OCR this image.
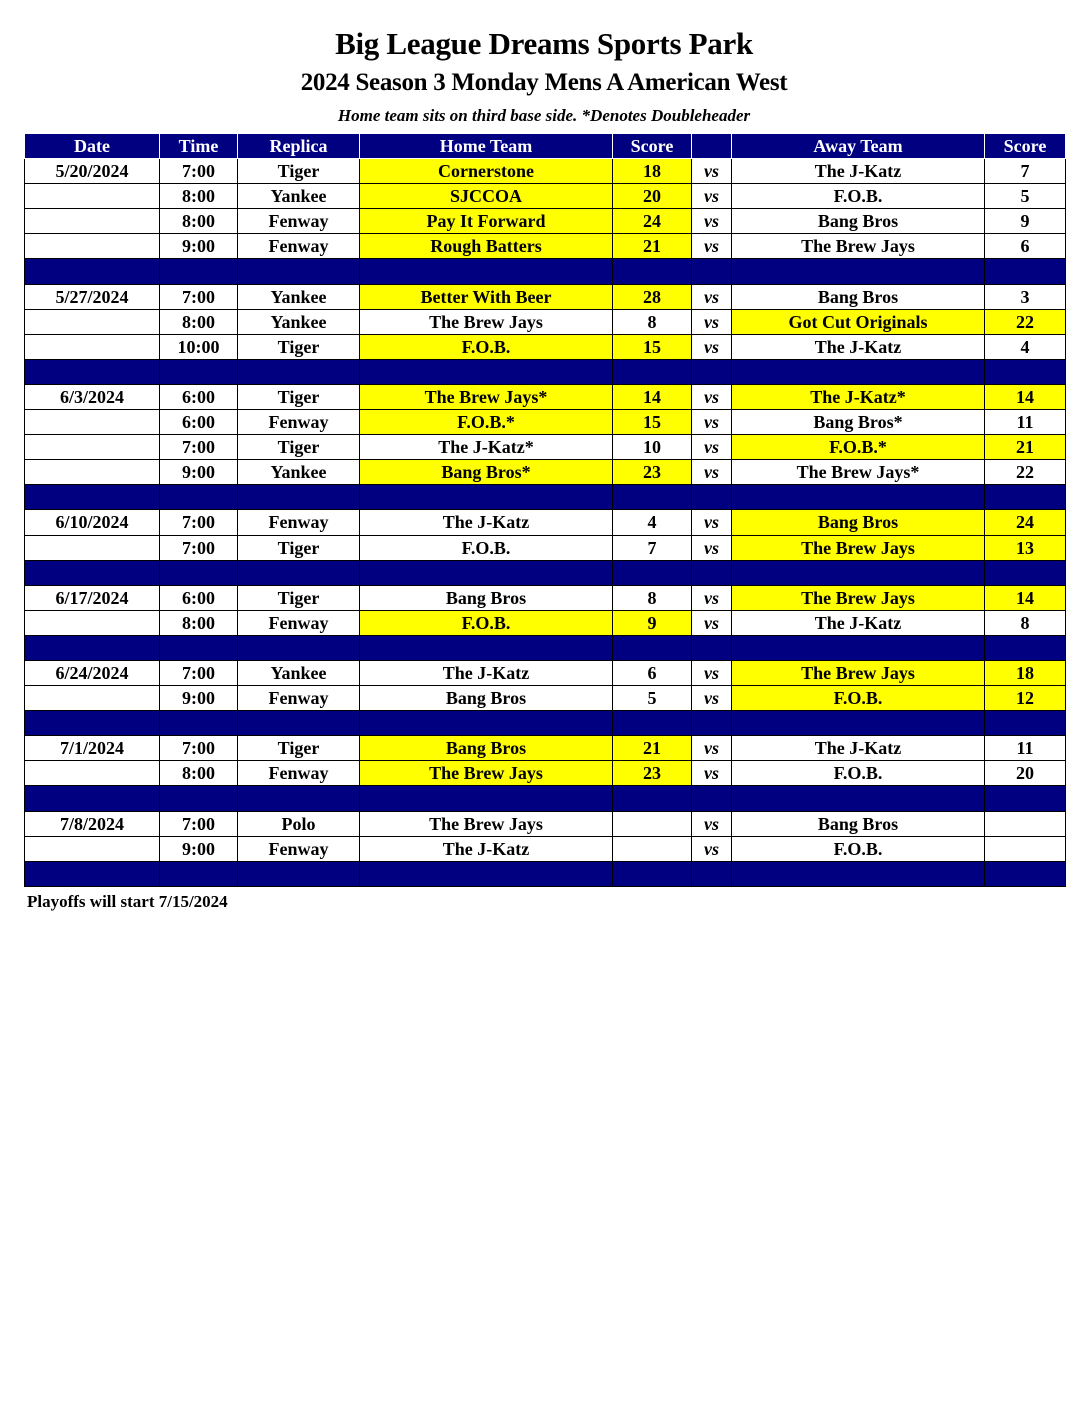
Big League Dreams Sports Park
2024 Season 3 Monday Mens A American West

Home team sits on third base side. *Denotes Doubleheader

Date	Time	Replica	Home Team	Score		Away Team	Score
5/20/2024	7:00	Tiger	Cornerstone	18	vs	The J-Katz	7
	8:00	Yankee	SJCCOA	20	vs	F.O.B.	5
	8:00	Fenway	Pay It Forward	24	vs	Bang Bros	9
	9:00	Fenway	Rough Batters	21	vs	The Brew Jays	6

5/27/2024	7:00	Yankee	Better With Beer	28	vs	Bang Bros	3
	8:00	Yankee	The Brew Jays	8	vs	Got Cut Originals	22
	10:00	Tiger	F.O.B.	15	vs	The J-Katz	4

6/3/2024	6:00	Tiger	The Brew Jays*	14	vs	The J-Katz*	14
	6:00	Fenway	F.O.B.*	15	vs	Bang Bros*	11
	7:00	Tiger	The J-Katz*	10	vs	F.O.B.*	21
	9:00	Yankee	Bang Bros*	23	vs	The Brew Jays*	22

6/10/2024	7:00	Fenway	The J-Katz	4	vs	Bang Bros	24
	7:00	Tiger	F.O.B.	7	vs	The Brew Jays	13

6/17/2024	6:00	Tiger	Bang Bros	8	vs	The Brew Jays	14
	8:00	Fenway	F.O.B.	9	vs	The J-Katz	8

6/24/2024	7:00	Yankee	The J-Katz	6	vs	The Brew Jays	18
	9:00	Fenway	Bang Bros	5	vs	F.O.B.	12

7/1/2024	7:00	Tiger	Bang Bros	21	vs	The J-Katz	11
	8:00	Fenway	The Brew Jays	23	vs	F.O.B.	20

7/8/2024	7:00	Polo	The Brew Jays		vs	Bang Bros	
	9:00	Fenway	The J-Katz		vs	F.O.B.	

Playoffs will start 7/15/2024
